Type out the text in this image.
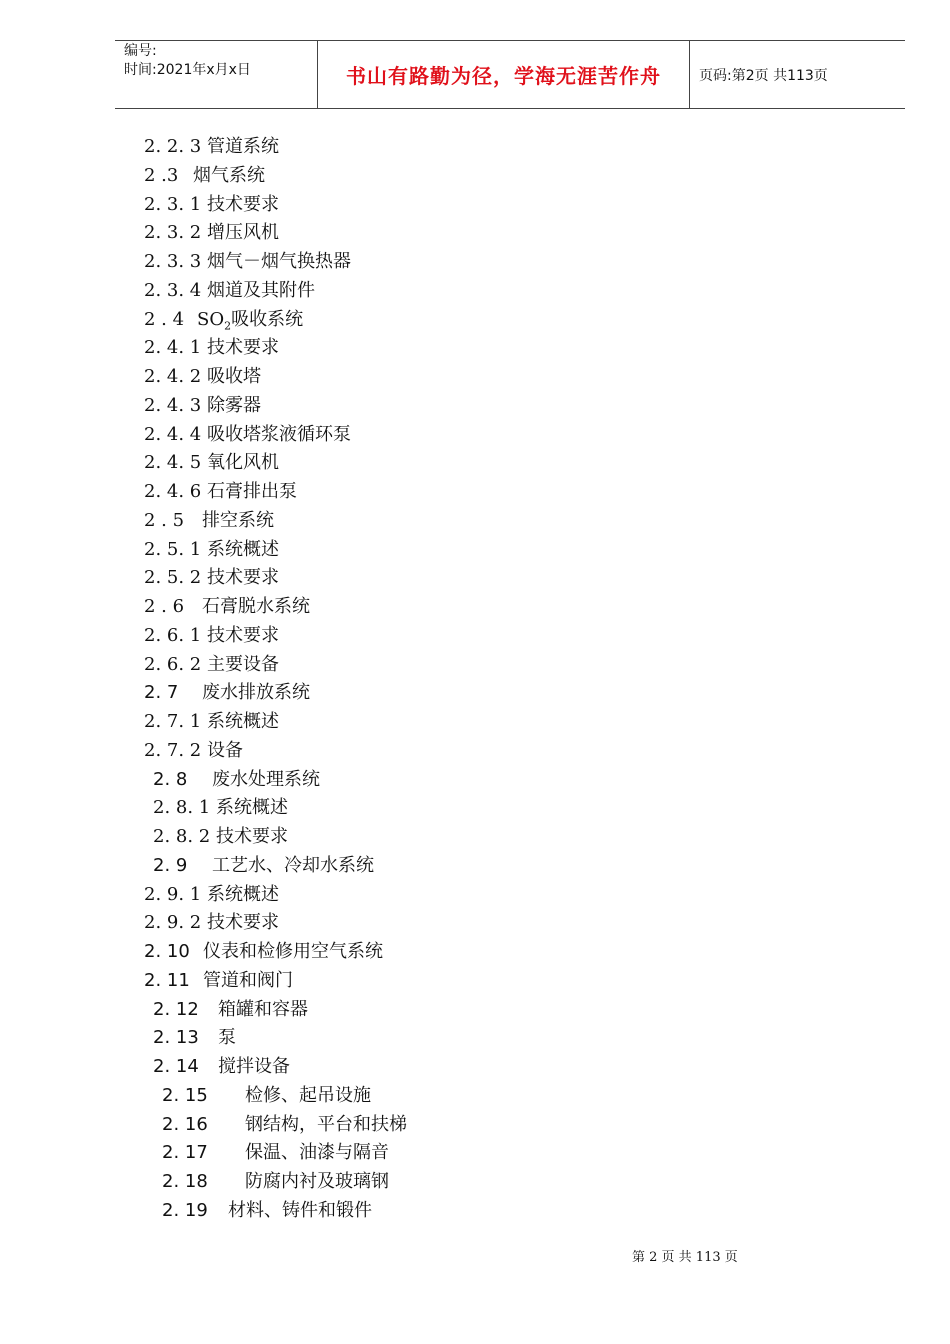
编号:
时间:2021年x月x日	书山有路勤为径，学海无涯苦作舟	页码:第2页 共113页
2. 2. 3 管道系统
2 .3 烟气系统
2. 3. 1 技术要求
2. 3. 2 增压风机
2. 3. 3 烟气－烟气换热器
2. 3. 4 烟道及其附件
2 . 4 $SO_2$吸收系统
2. 4. 1 技术要求
2. 4. 2 吸收塔
2. 4. 3 除雾器
2. 4. 4 吸收塔浆液循环泵
2. 4. 5 氧化风机
2. 4. 6 石膏排出泵
2 . 5 排空系统
2. 5. 1 系统概述
2. 5. 2 技术要求
2 . 6 石膏脱水系统
2. 6. 1 技术要求
2. 6. 2 主要设备
2. 7 废水排放系统
2. 7. 1 系统概述
2. 7. 2 设备
2. 8 废水处理系统
2. 8. 1 系统概述
2. 8. 2 技术要求
2. 9 工艺水、冷却水系统
2. 9. 1 系统概述
2. 9. 2 技术要求
2. 10 仪表和检修用空气系统
2. 11 管道和阀门
2. 12 箱罐和容器
2. 13 泵
2. 14 搅拌设备
2. 15 检修、起吊设施
2. 16 钢结构，平台和扶梯
2. 17 保温、油漆与隔音
2. 18 防腐内衬及玻璃钢
2. 19 材料、铸件和锻件
第 2 页 共 113 页
